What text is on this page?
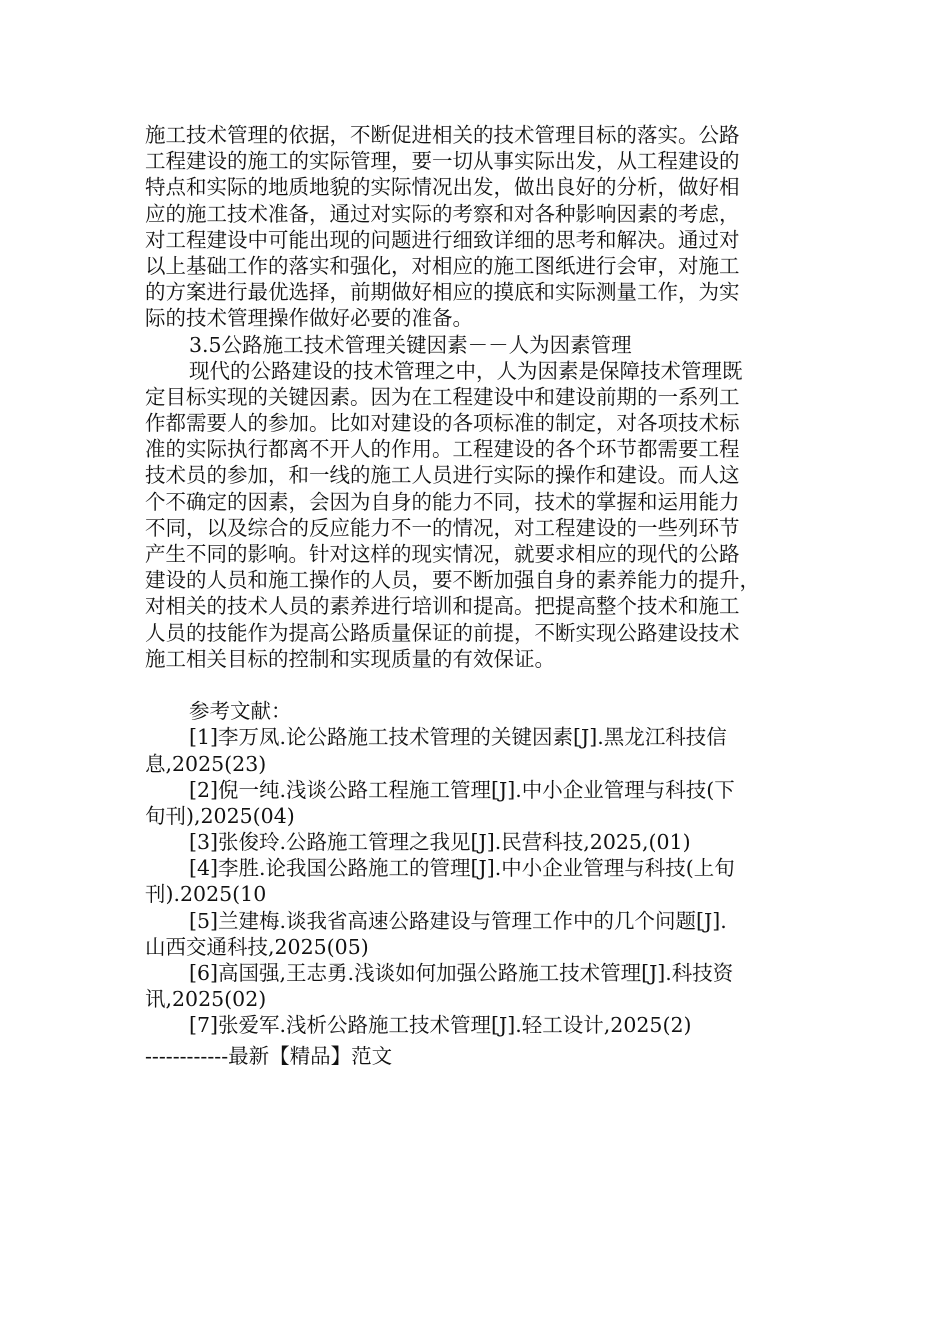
施工技术管理的依据，不断促进相关的技术管理目标的落实。公路
工程建设的施工的实际管理，要一切从事实际出发，从工程建设的
特点和实际的地质地貌的实际情况出发，做出良好的分析，做好相
应的施工技术准备，通过对实际的考察和对各种影响因素的考虑，
对工程建设中可能出现的问题进行细致详细的思考和解决。通过对
以上基础工作的落实和强化，对相应的施工图纸进行会审，对施工
的方案进行最优选择，前期做好相应的摸底和实际测量工作，为实
际的技术管理操作做好必要的准备。
3.5公路施工技术管理关键因素－－人为因素管理
现代的公路建设的技术管理之中，人为因素是保障技术管理既
定目标实现的关键因素。因为在工程建设中和建设前期的一系列工
作都需要人的参加。比如对建设的各项标准的制定，对各项技术标
准的实际执行都离不开人的作用。工程建设的各个环节都需要工程
技术员的参加，和一线的施工人员进行实际的操作和建设。而人这
个不确定的因素，会因为自身的能力不同，技术的掌握和运用能力
不同，以及综合的反应能力不一的情况，对工程建设的一些列环节
产生不同的影响。针对这样的现实情况，就要求相应的现代的公路
建设的人员和施工操作的人员，要不断加强自身的素养能力的提升，
对相关的技术人员的素养进行培训和提高。把提高整个技术和施工
人员的技能作为提高公路质量保证的前提，不断实现公路建设技术
施工相关目标的控制和实现质量的有效保证。
参考文献：
[1]李万凤.论公路施工技术管理的关键因素[J].黑龙江科技信
息,2025(23)
[2]倪一纯.浅谈公路工程施工管理[J].中小企业管理与科技(下
旬刊),2025(04)
[3]张俊玲.公路施工管理之我见[J].民营科技,2025,(01)
[4]李胜.论我国公路施工的管理[J].中小企业管理与科技(上旬
刊).2025(10
[5]兰建梅.谈我省高速公路建设与管理工作中的几个问题[J].
山西交通科技,2025(05)
[6]高国强,王志勇.浅谈如何加强公路施工技术管理[J].科技资
讯,2025(02)
[7]张爱军.浅析公路施工技术管理[J].轻工设计,2025(2)
------------最新【精品】范文
